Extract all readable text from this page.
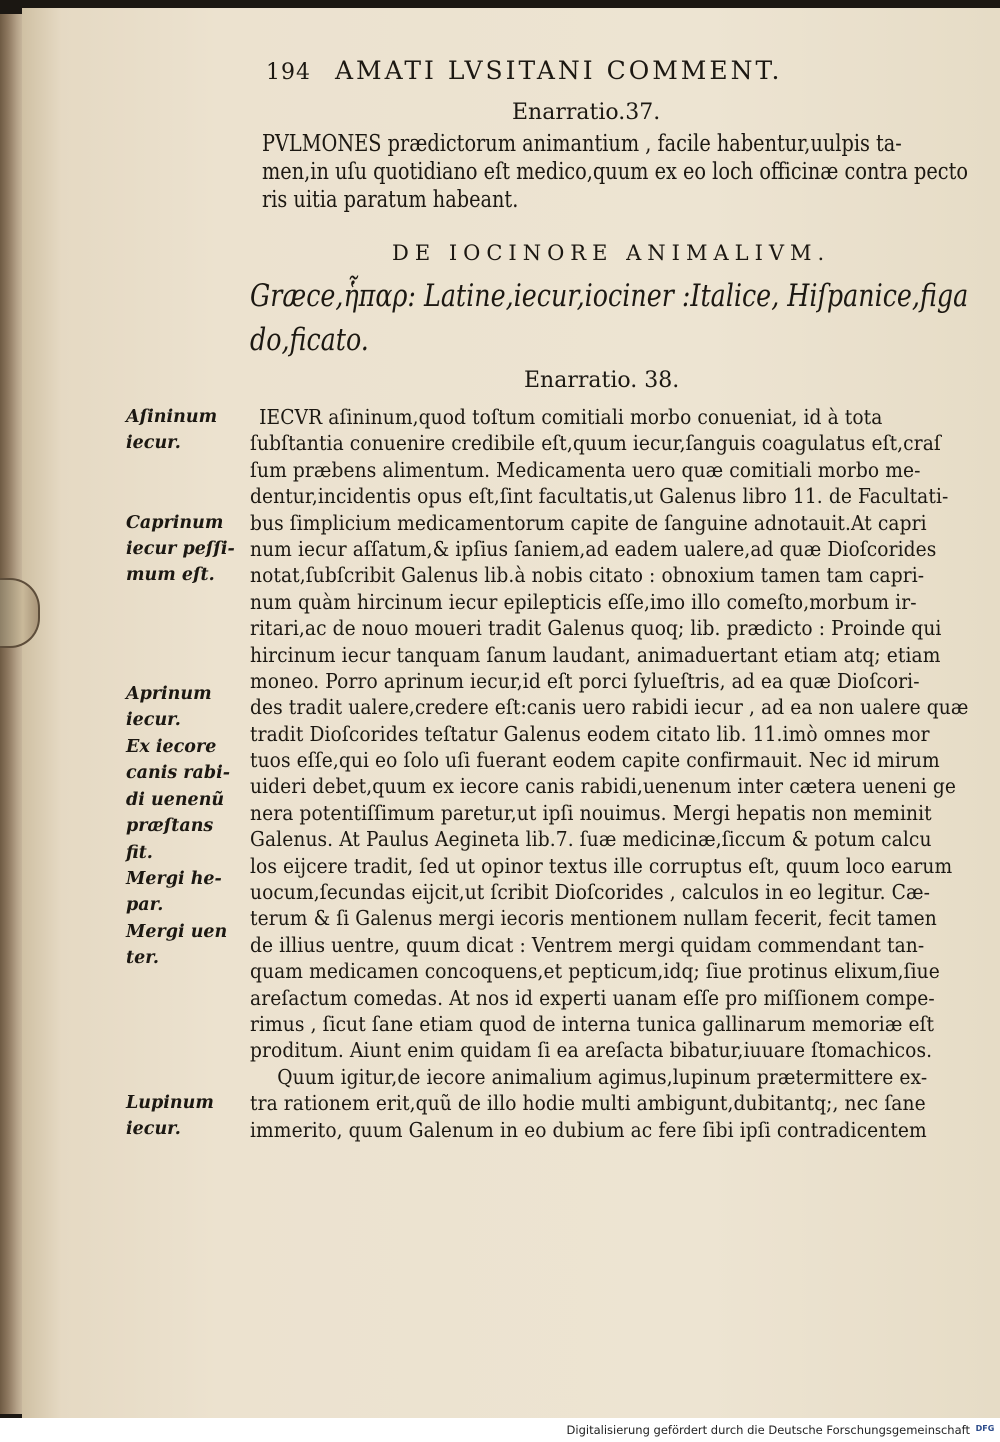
194 AMATI LVSITANI COMMENT.
Enarratio.37.
PVLMONES prædictorum animantium , facile habentur,uulpis ta-
men,in uſu quotidiano eſt medico,quum ex eo loch officinæ contra pecto
ris uitia paratum habeant.
DE IOCINORE ANIMALIVM.
Græce,ἧπαρ: Latine,iecur,iociner :Italice, Hiſpanice,figa
do,ficato.
Enarratio. 38.
Aſininum
iecur.
Caprinum
iecur peſſi-
mum eſt.
Aprinum
iecur.
Ex iecore
canis rabi-
di uenenũ
præſtans
fit.
Mergi he-
par.
Mergi uen
ter.
Lupinum
iecur.
IECVR aſininum,quod toſtum comitiali morbo conueniat, id à tota
ſubſtantia conuenire credibile eſt,quum iecur,ſanguis coagulatus eſt,craſ
ſum præbens alimentum. Medicamenta uero quæ comitiali morbo me-
dentur,incidentis opus eſt,ſint facultatis,ut Galenus libro 11. de Facultati-
bus ſimplicium medicamentorum capite de ſanguine adnotauit.At capri
num iecur aſſatum,& ipſius ſaniem,ad eadem ualere,ad quæ Dioſcorides
notat,ſubſcribit Galenus lib.à nobis citato : obnoxium tamen tam capri-
num quàm hircinum iecur epilepticis eſſe,imo illo comeſto,morbum ir-
ritari,ac de nouo moueri tradit Galenus quoq; lib. prædicto : Proinde qui
hircinum iecur tanquam ſanum laudant, animaduertant etiam atq; etiam
moneo. Porro aprinum iecur,id eſt porci ſylueſtris, ad ea quæ Dioſcori-
des tradit ualere,credere eſt:canis uero rabidi iecur , ad ea non ualere quæ
tradit Dioſcorides teſtatur Galenus eodem citato lib. 11.imò omnes mor
tuos eſſe,qui eo ſolo uſi fuerant eodem capite confirmauit. Nec id mirum
uideri debet,quum ex iecore canis rabidi,uenenum inter cætera ueneni ge
nera potentiſſimum paretur,ut ipſi nouimus. Mergi hepatis non meminit
Galenus. At Paulus Aegineta lib.7. ſuæ medicinæ,ſiccum & potum calcu
los eijcere tradit, ſed ut opinor textus ille corruptus eſt, quum loco earum
uocum,ſecundas eijcit,ut ſcribit Dioſcorides , calculos in eo legitur. Cæ-
terum & ſi Galenus mergi iecoris mentionem nullam fecerit, fecit tamen
de illius uentre, quum dicat : Ventrem mergi quidam commendant tan-
quam medicamen concoquens,et pepticum,idq; ſiue protinus elixum,ſiue
areſactum comedas. At nos id experti uanam eſſe pro miſſionem compe-
rimus , ſicut ſane etiam quod de interna tunica gallinarum memoriæ eſt
proditum. Aiunt enim quidam ſi ea areſacta bibatur,iuuare ſtomachicos.
Quum igitur,de iecore animalium agimus,lupinum prætermittere ex-
tra rationem erit,quũ de illo hodie multi ambigunt,dubitantq;, nec ſane
immerito, quum Galenum in eo dubium ac fere ſibi ipſi contradicentem
Digitalisierung gefördert durch die Deutsche Forschungsgemeinschaft DFG
